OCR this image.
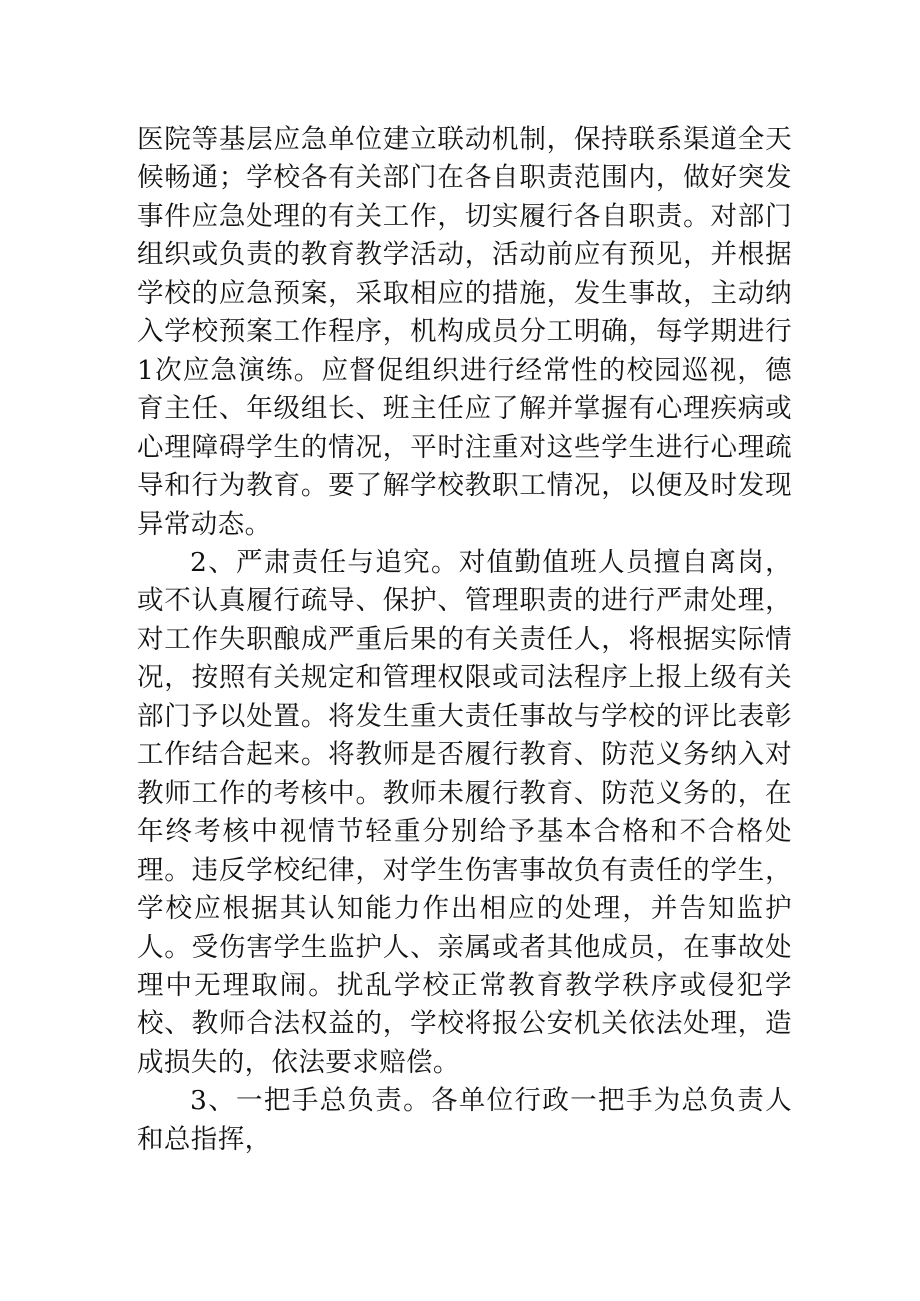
医院等基层应急单位建立联动机制，保持联系渠道全天候畅通；学校各有关部门在各自职责范围内，做好突发事件应急处理的有关工作，切实履行各自职责。对部门组织或负责的教育教学活动，活动前应有预见，并根据学校的应急预案，采取相应的措施，发生事故，主动纳入学校预案工作程序，机构成员分工明确，每学期进行1次应急演练。应督促组织进行经常性的校园巡视，德育主任、年级组长、班主任应了解并掌握有心理疾病或心理障碍学生的情况，平时注重对这些学生进行心理疏导和行为教育。要了解学校教职工情况，以便及时发现异常动态。

2、严肃责任与追究。对值勤值班人员擅自离岗，或不认真履行疏导、保护、管理职责的进行严肃处理，对工作失职酿成严重后果的有关责任人，将根据实际情况，按照有关规定和管理权限或司法程序上报上级有关部门予以处置。将发生重大责任事故与学校的评比表彰工作结合起来。将教师是否履行教育、防范义务纳入对教师工作的考核中。教师未履行教育、防范义务的，在年终考核中视情节轻重分别给予基本合格和不合格处理。违反学校纪律，对学生伤害事故负有责任的学生，学校应根据其认知能力作出相应的处理，并告知监护人。受伤害学生监护人、亲属或者其他成员，在事故处理中无理取闹。扰乱学校正常教育教学秩序或侵犯学校、教师合法权益的，学校将报公安机关依法处理，造成损失的，依法要求赔偿。

3、一把手总负责。各单位行政一把手为总负责人和总指挥，
